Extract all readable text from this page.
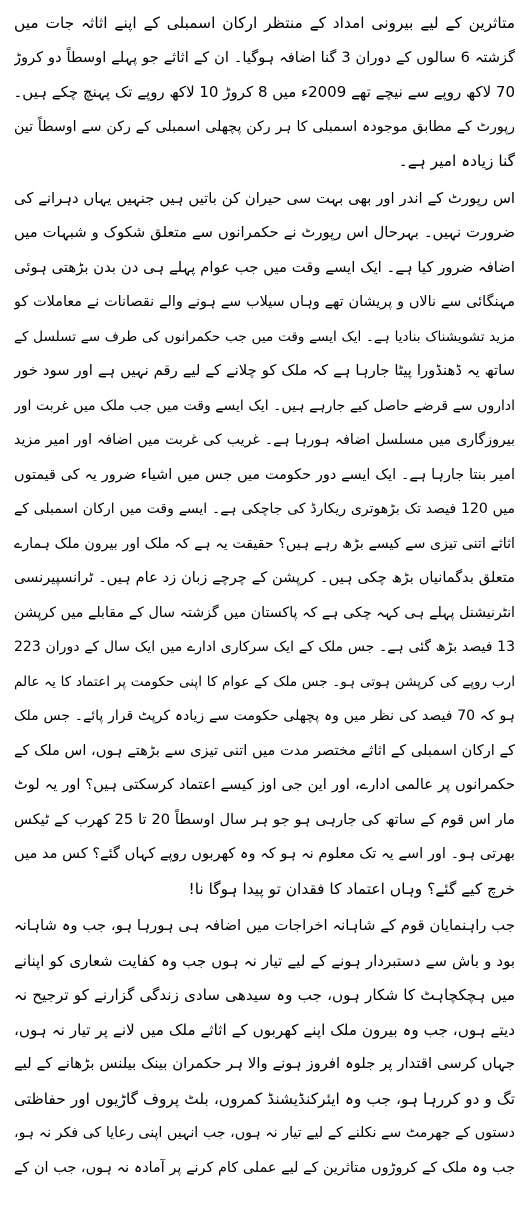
متاثرین کے لیے بیرونی امداد کے منتظر ارکان اسمبلی کے اپنے اثاثہ جات میں
گزشتہ 6 سالوں کے دوران 3 گنا اضافہ ہوگیا۔ ان کے اثاثے جو پہلے اوسطاً دو کروڑ
70 لاکھ روپے سے نیچے تھے 2009ء میں 8 کروڑ 10 لاکھ روپے تک پہنچ چکے ہیں۔
رپورٹ کے مطابق موجودہ اسمبلی کا ہر رکن پچھلی اسمبلی کے رکن سے اوسطاً تین
گنا زیادہ امیر ہے۔
اس رپورٹ کے اندر اور بھی بہت سی حیران کن باتیں ہیں جنہیں یہاں دہرانے کی
ضرورت نہیں۔ بہرحال اس رپورٹ نے حکمرانوں سے متعلق شکوک و شبہات میں
اضافہ ضرور کیا ہے۔ ایک ایسے وقت میں جب عوام پہلے ہی دن بدن بڑھتی ہوئی
مہنگائی سے نالاں و پریشان تھے وہاں سیلاب سے ہونے والے نقصانات نے معاملات کو
مزید تشویشناک بنادیا ہے۔ ایک ایسے وقت میں جب حکمرانوں کی طرف سے تسلسل کے
ساتھ یہ ڈھنڈورا پیٹا جارہا ہے کہ ملک کو چلانے کے لیے رقم نہیں ہے اور سود خور
اداروں سے قرضے حاصل کیے جارہے ہیں۔ ایک ایسے وقت میں جب ملک میں غربت اور
بیروزگاری میں مسلسل اضافہ ہورہا ہے۔ غریب کی غربت میں اضافہ اور امیر مزید
امیر بنتا جارہا ہے۔ ایک ایسے دور حکومت میں جس میں اشیاء ضرور یہ کی قیمتوں
میں 120 فیصد تک بڑھوتری ریکارڈ کی جاچکی ہے۔ ایسے وقت میں ارکان اسمبلی کے
اثاثے اتنی تیزی سے کیسے بڑھ رہے ہیں؟ حقیقت یہ ہے کہ ملک اور بیرون ملک ہمارے
متعلق بدگمانیاں بڑھ چکی ہیں۔ کرپشن کے چرچے زبان زد عام ہیں۔ ٹرانسپیرنسی
انٹرنیشنل پہلے ہی کہہ چکی ہے کہ پاکستان میں گزشتہ سال کے مقابلے میں کرپشن
13 فیصد بڑھ گئی ہے۔ جس ملک کے ایک سرکاری ادارے میں ایک سال کے دوران 223
ارب روپے کی کرپشن ہوتی ہو۔ جس ملک کے عوام کا اپنی حکومت پر اعتماد کا یہ عالم
ہو کہ 70 فیصد کی نظر میں وہ پچھلی حکومت سے زیادہ کرپٹ قرار پائے۔ جس ملک
کے ارکان اسمبلی کے اثاثے مختصر مدت میں اتنی تیزی سے بڑھتے ہوں، اس ملک کے
حکمرانوں پر عالمی ادارے، اور این جی اوز کیسے اعتماد کرسکتی ہیں؟ اور یہ لوٹ
مار اس قوم کے ساتھ کی جارہی ہو جو ہر سال اوسطاً 20 تا 25 کھرب کے ٹیکس
بھرتی ہو۔ اور اسے یہ تک معلوم نہ ہو کہ وہ کھربوں روپے کہاں گئے؟ کس مد میں
خرچ کیے گئے؟ وہاں اعتماد کا فقدان تو پیدا ہوگا نا!
جب راہنمایان قوم کے شاہانہ اخراجات میں اضافہ ہی ہورہا ہو، جب وہ شاہانہ
بود و باش سے دستبردار ہونے کے لیے تیار نہ ہوں جب وہ کفایت شعاری کو اپنانے
میں ہچکچاہٹ کا شکار ہوں، جب وہ سیدھی سادی زندگی گزارنے کو ترجیح نہ
دیتے ہوں، جب وہ بیرون ملک اپنے کھربوں کے اثاثے ملک میں لانے پر تیار نہ ہوں،
جہاں کرسی اقتدار پر جلوہ افروز ہونے والا ہر حکمران بینک بیلنس بڑھانے کے لیے
تگ و دو کررہا ہو، جب وہ ایئرکنڈیشنڈ کمروں، بلٹ پروف گاڑیوں اور حفاظتی
دستوں کے جھرمٹ سے نکلنے کے لیے تیار نہ ہوں، جب انہیں اپنی رعایا کی فکر نہ ہو،
جب وہ ملک کے کروڑوں متاثرین کے لیے عملی کام کرنے پر آمادہ نہ ہوں، جب ان کے
